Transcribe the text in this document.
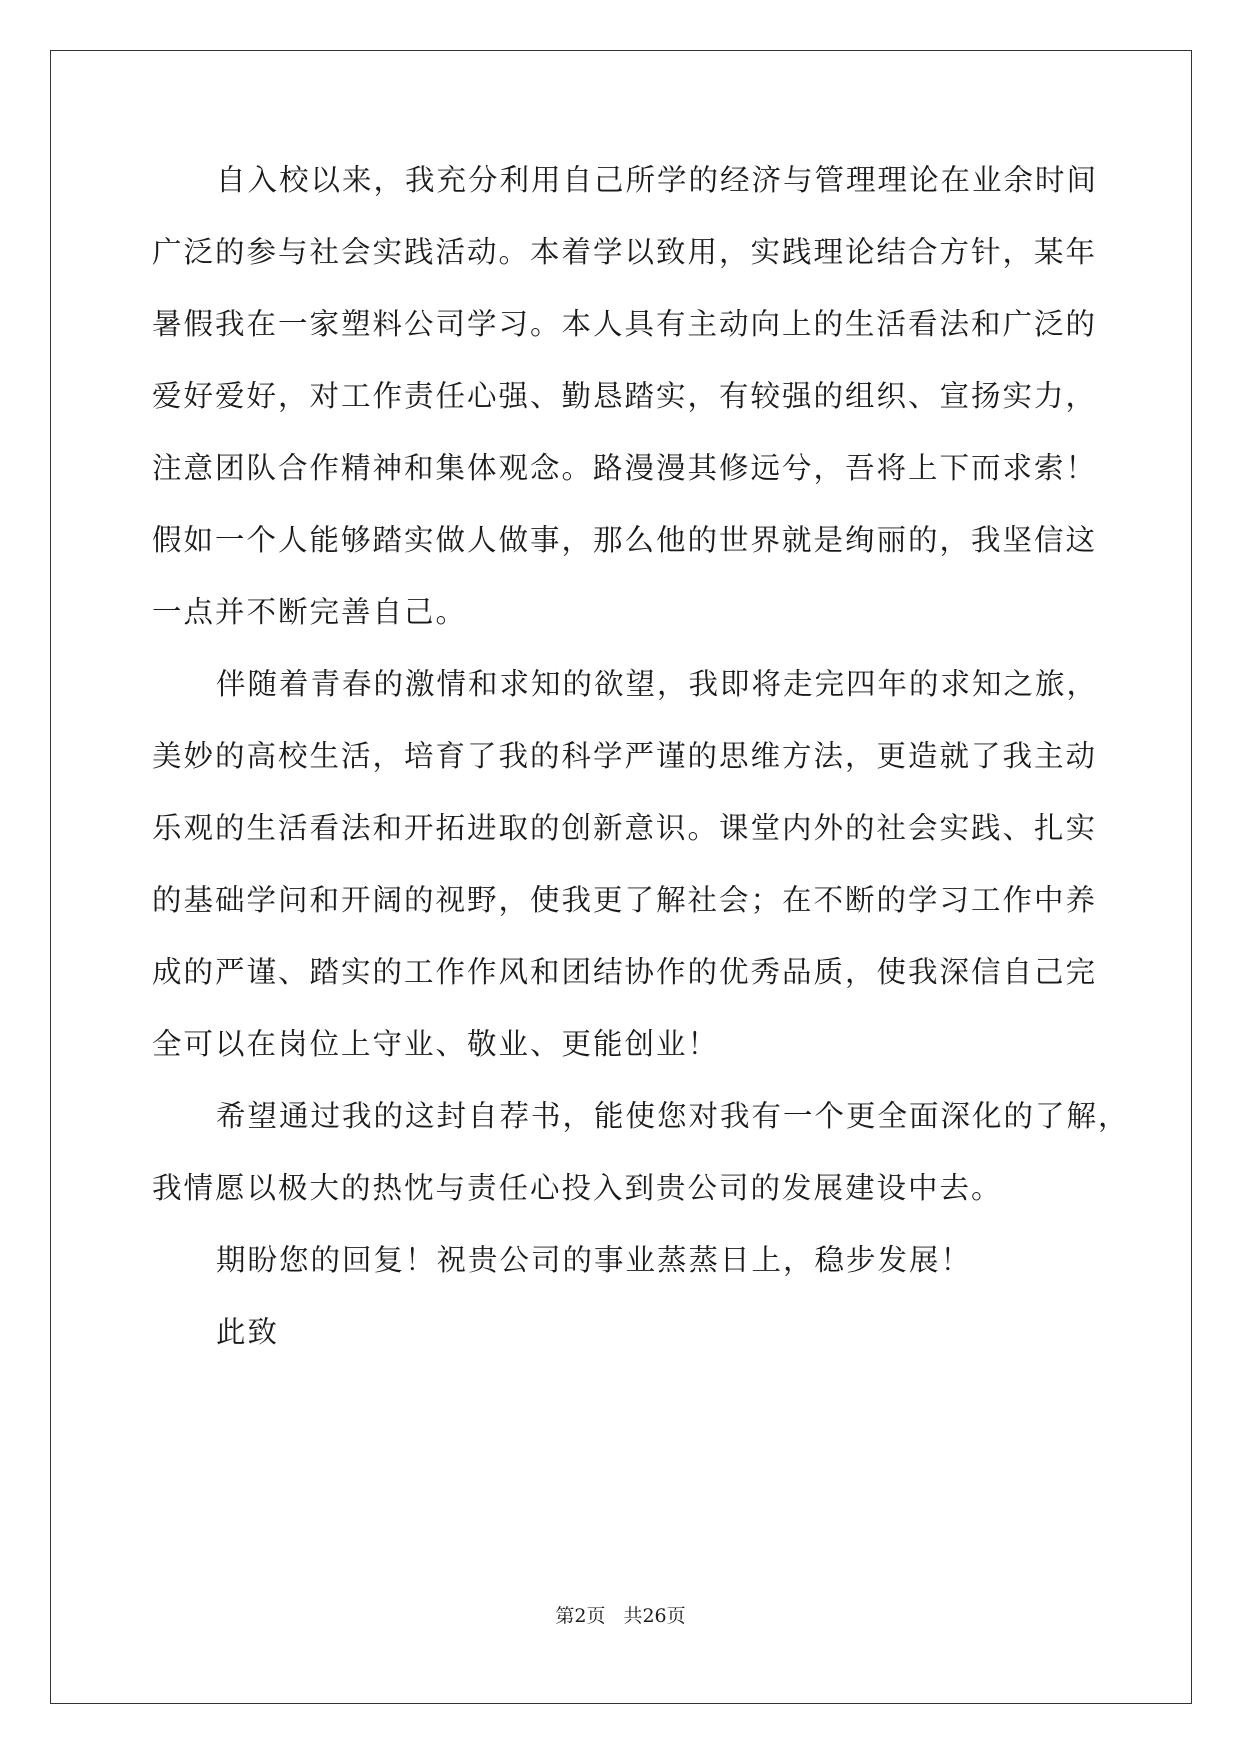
自入校以来，我充分利用自己所学的经济与管理理论在业余时间
广泛的参与社会实践活动。本着学以致用，实践理论结合方针，某年
暑假我在一家塑料公司学习。本人具有主动向上的生活看法和广泛的
爱好爱好，对工作责任心强、勤恳踏实，有较强的组织、宣扬实力，
注意团队合作精神和集体观念。路漫漫其修远兮，吾将上下而求索！
假如一个人能够踏实做人做事，那么他的世界就是绚丽的，我坚信这
一点并不断完善自己。
伴随着青春的激情和求知的欲望，我即将走完四年的求知之旅，
美妙的高校生活，培育了我的科学严谨的思维方法，更造就了我主动
乐观的生活看法和开拓进取的创新意识。课堂内外的社会实践、扎实
的基础学问和开阔的视野，使我更了解社会；在不断的学习工作中养
成的严谨、踏实的工作作风和团结协作的优秀品质，使我深信自己完
全可以在岗位上守业、敬业、更能创业！
希望通过我的这封自荐书，能使您对我有一个更全面深化的了解，
我情愿以极大的热忱与责任心投入到贵公司的发展建设中去。
期盼您的回复！祝贵公司的事业蒸蒸日上，稳步发展！
此致
第2页 共26页
